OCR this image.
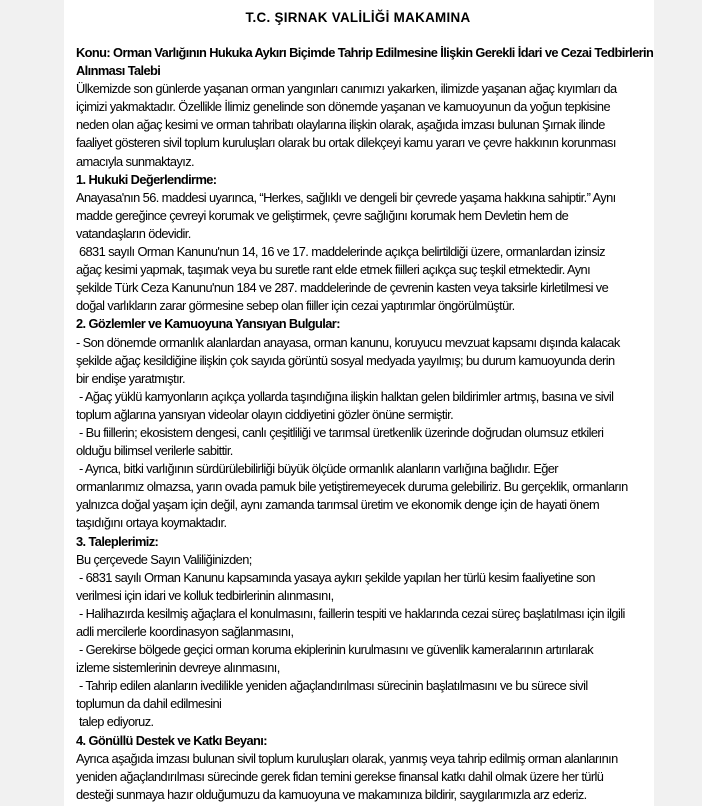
T.C. ŞIRNAK VALİLİĞİ MAKAMINA
Konu: Orman Varlığının Hukuka Aykırı Biçimde Tahrip Edilmesine İlişkin Gerekli İdari ve Cezai Tedbirlerin
Alınması Talebi
Ülkemizde son günlerde yaşanan orman yangınları canımızı yakarken, ilimizde yaşanan ağaç kıyımları da
içimizi yakmaktadır. Özellikle İlimiz genelinde son dönemde yaşanan ve kamuoyunun da yoğun tepkisine
neden olan ağaç kesimi ve orman tahribatı olaylarına ilişkin olarak, aşağıda imzası bulunan Şırnak ilinde
faaliyet gösteren sivil toplum kuruluşları olarak bu ortak dilekçeyi kamu yararı ve çevre hakkının korunması
amacıyla sunmaktayız.
1. Hukuki Değerlendirme:
Anayasa'nın 56. maddesi uyarınca, “Herkes, sağlıklı ve dengeli bir çevrede yaşama hakkına sahiptir.” Aynı
madde gereğince çevreyi korumak ve geliştirmek, çevre sağlığını korumak hem Devletin hem de
vatandaşların ödevidir.
6831 sayılı Orman Kanunu'nun 14, 16 ve 17. maddelerinde açıkça belirtildiği üzere, ormanlardan izinsiz
ağaç kesimi yapmak, taşımak veya bu suretle rant elde etmek fiilleri açıkça suç teşkil etmektedir. Aynı
şekilde Türk Ceza Kanunu'nun 184 ve 287. maddelerinde de çevrenin kasten veya taksirle kirletilmesi ve
doğal varlıkların zarar görmesine sebep olan fiiller için cezai yaptırımlar öngörülmüştür.
2. Gözlemler ve Kamuoyuna Yansıyan Bulgular:
- Son dönemde ormanlık alanlardan anayasa, orman kanunu, koruyucu mevzuat kapsamı dışında kalacak
şekilde ağaç kesildiğine ilişkin çok sayıda görüntü sosyal medyada yayılmış; bu durum kamuoyunda derin
bir endişe yaratmıştır.
- Ağaç yüklü kamyonların açıkça yollarda taşındığına ilişkin halktan gelen bildirimler artmış, basına ve sivil
toplum ağlarına yansıyan videolar olayın ciddiyetini gözler önüne sermiştir.
- Bu fiillerin; ekosistem dengesi, canlı çeşitliliği ve tarımsal üretkenlik üzerinde doğrudan olumsuz etkileri
olduğu bilimsel verilerle sabittir.
- Ayrıca, bitki varlığının sürdürülebilirliği büyük ölçüde ormanlık alanların varlığına bağlıdır. Eğer
ormanlarımız olmazsa, yarın ovada pamuk bile yetiştiremeyecek duruma gelebiliriz. Bu gerçeklik, ormanların
yalnızca doğal yaşam için değil, aynı zamanda tarımsal üretim ve ekonomik denge için de hayati önem
taşıdığını ortaya koymaktadır.
3. Taleplerimiz:
Bu çerçevede Sayın Valiliğinizden;
- 6831 sayılı Orman Kanunu kapsamında yasaya aykırı şekilde yapılan her türlü kesim faaliyetine son
verilmesi için idari ve kolluk tedbirlerinin alınmasını,
- Halihazırda kesilmiş ağaçlara el konulmasını, faillerin tespiti ve haklarında cezai süreç başlatılması için ilgili
adli mercilerle koordinasyon sağlanmasını,
- Gerekirse bölgede geçici orman koruma ekiplerinin kurulmasını ve güvenlik kameralarının artırılarak
izleme sistemlerinin devreye alınmasını,
- Tahrip edilen alanların ivedilikle yeniden ağaçlandırılması sürecinin başlatılmasını ve bu sürece sivil
toplumun da dahil edilmesini
talep ediyoruz.
4. Gönüllü Destek ve Katkı Beyanı:
Ayrıca aşağıda imzası bulunan sivil toplum kuruluşları olarak, yanmış veya tahrip edilmiş orman alanlarının
yeniden ağaçlandırılması sürecinde gerek fidan temini gerekse finansal katkı dahil olmak üzere her türlü
desteği sunmaya hazır olduğumuzu da kamuoyuna ve makamınıza bildirir, saygılarımızla arz ederiz.
